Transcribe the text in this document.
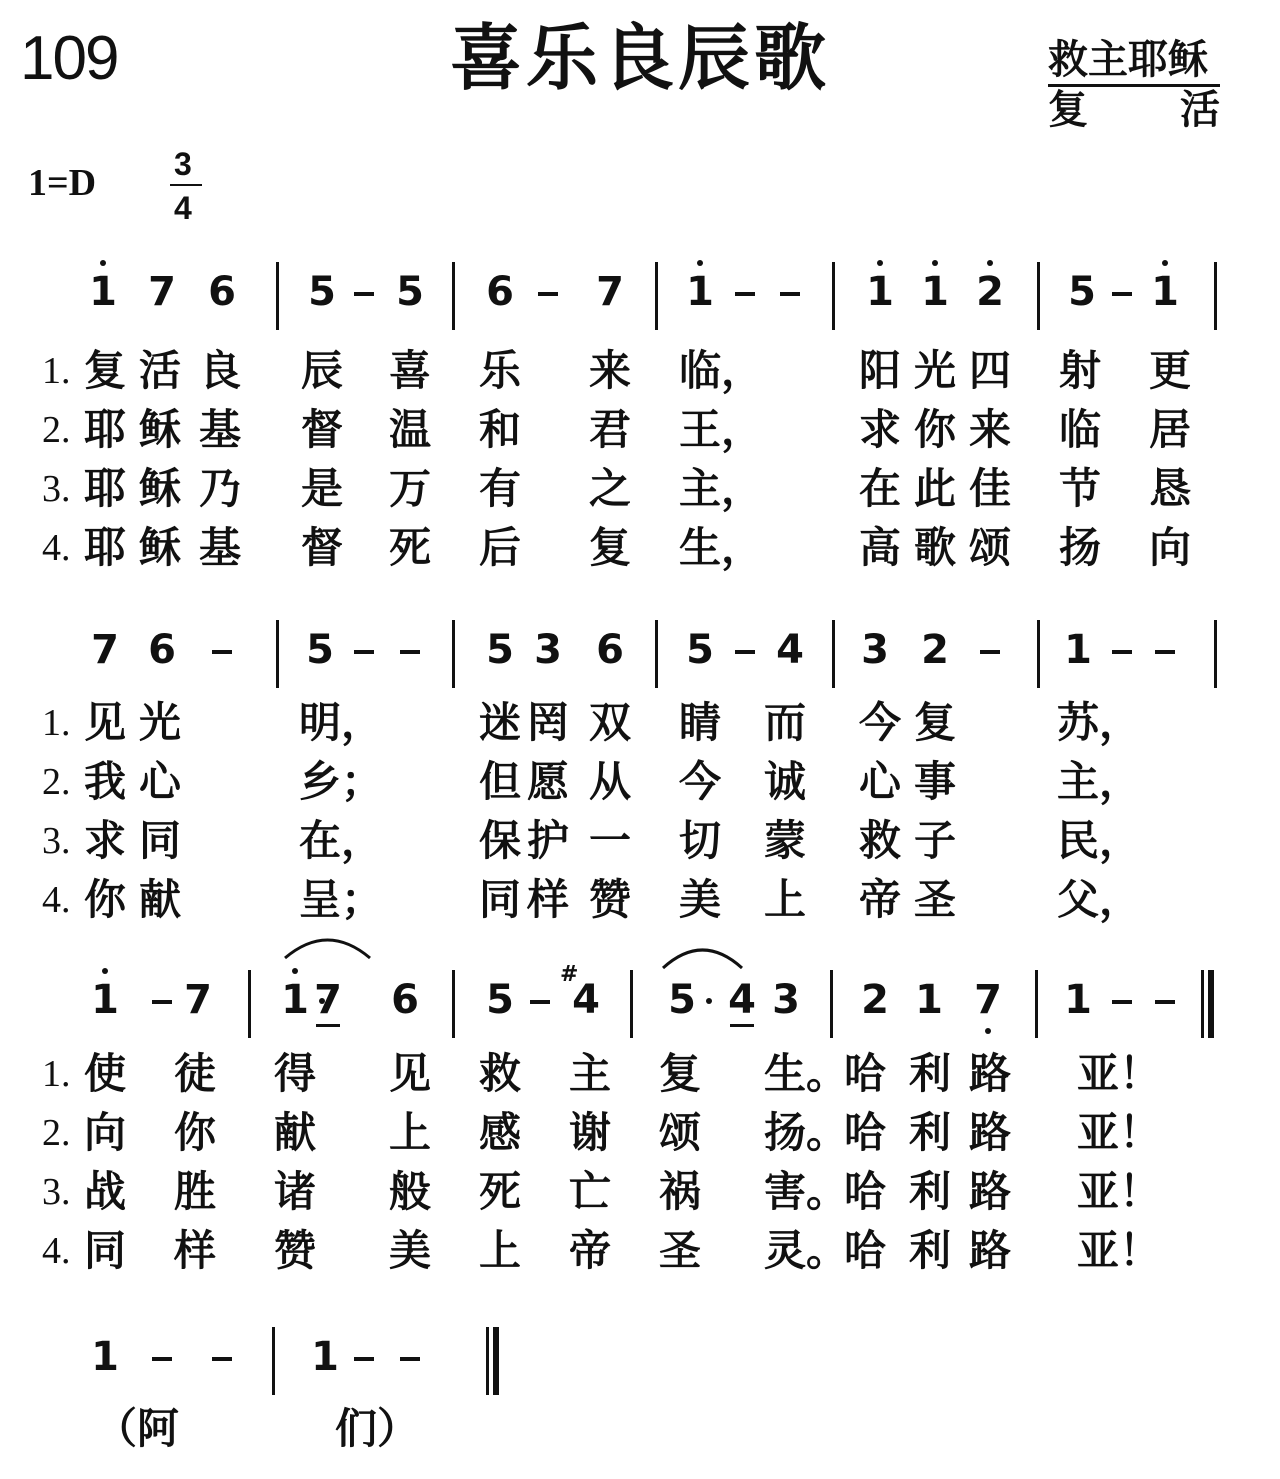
109	喜乐良辰歌	救主耶稣
复 活
1=D 3
4
1 7 6 5 5 6 7 1	1 1 2 5 1
1. 复 活 良 辰 喜 乐 来 临， 阳 光 四 射 更
2. 耶 稣 基 督 温 和 君 王， 求 你 来 临 居
3. 耶 稣 乃 是 万 有 之 主， 在 此 佳 节 恳
4. 耶 稣 基 督 死 后 复 生， 高 歌 颂 扬 向
7 6	5	5 3 6 5 4 3 2	1
1. 见 光	明， 迷 罔 双 睛 而 今 复 苏，
2. 我 心	乡； 但 愿 从 今 诚 心 事 主，
3. 求 同	在， 保 护 一 切 蒙 救 子 民，
4. 你 献	呈； 同 样 赞 美 上 帝 圣 父，
1 7 1 7 6 5 4
#
5 4 3 2 1 7 1
1. 使 徒 得 见 救 主 复 生。
哈 利 路 亚！
2. 向 你 献 上 感 谢 颂 扬。
哈 利 路 亚！
3. 战 胜 诸 般 死 亡 祸 害。
哈 利 路 亚！
4. 同 样 赞 美 上 帝 圣 灵。
哈 利 路 亚！
1	1
（阿	们）
